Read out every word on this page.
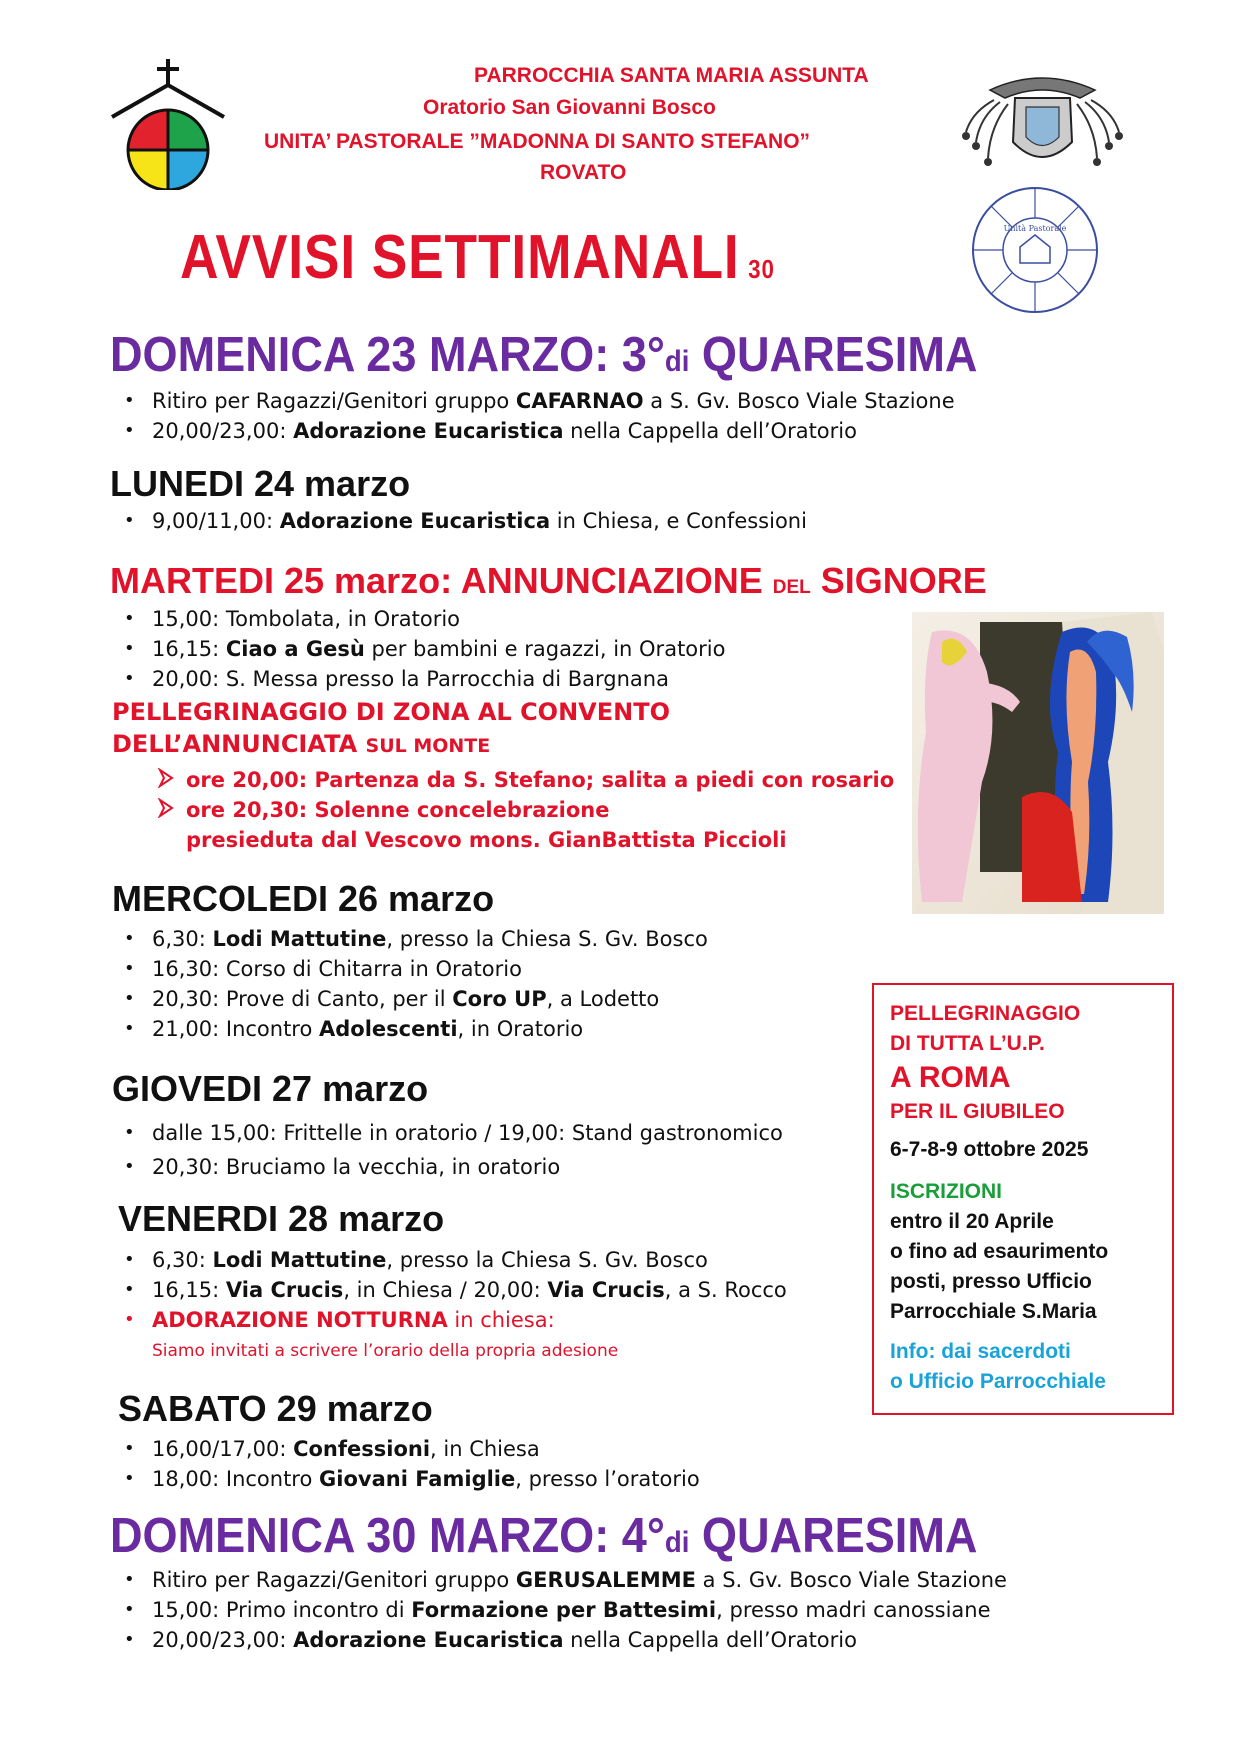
PARROCCHIA SANTA MARIA ASSUNTA
Oratorio San Giovanni Bosco
UNITA’ PASTORALE ”MADONNA DI SANTO STEFANO”
ROVATO
Unità Pastorale
AVVISI SETTIMANALI 30
DOMENICA 23 MARZO: 3°di QUARESIMA
• Ritiro per Ragazzi/Genitori gruppo CAFARNAO a S. Gv. Bosco Viale Stazione
• 20,00/23,00: Adorazione Eucaristica nella Cappella dell’Oratorio
LUNEDI 24 marzo
• 9,00/11,00: Adorazione Eucaristica in Chiesa, e Confessioni
MARTEDI 25 marzo: ANNUNCIAZIONE DEL SIGNORE
• 15,00: Tombolata, in Oratorio
• 16,15: Ciao a Gesù per bambini e ragazzi, in Oratorio
• 20,00: S. Messa presso la Parrocchia di Bargnana
PELLEGRINAGGIO DI ZONA AL CONVENTO
DELL’ANNUNCIATA SUL MONTE
ore 20,00: Partenza da S. Stefano; salita a piedi con rosario
ore 20,30: Solenne concelebrazione
presieduta dal Vescovo mons. GianBattista Piccioli
MERCOLEDI 26 marzo
• 6,30: Lodi Mattutine, presso la Chiesa S. Gv. Bosco
• 16,30: Corso di Chitarra in Oratorio
• 20,30: Prove di Canto, per il Coro UP, a Lodetto
• 21,00: Incontro Adolescenti, in Oratorio
GIOVEDI 27 marzo
• dalle 15,00: Frittelle in oratorio / 19,00: Stand gastronomico
• 20,30: Bruciamo la vecchia, in oratorio
VENERDI 28 marzo
• 6,30: Lodi Mattutine, presso la Chiesa S. Gv. Bosco
• 16,15: Via Crucis, in Chiesa / 20,00: Via Crucis, a S. Rocco
• ADORAZIONE NOTTURNA in chiesa:
Siamo invitati a scrivere l’orario della propria adesione
SABATO 29 marzo
• 16,00/17,00: Confessioni, in Chiesa
• 18,00: Incontro Giovani Famiglie, presso l’oratorio
DOMENICA 30 MARZO: 4°di QUARESIMA
• Ritiro per Ragazzi/Genitori gruppo GERUSALEMME a S. Gv. Bosco Viale Stazione
• 15,00: Primo incontro di Formazione per Battesimi, presso madri canossiane
• 20,00/23,00: Adorazione Eucaristica nella Cappella dell’Oratorio
PELLEGRINAGGIO
DI TUTTA L’U.P.
A ROMA
PER IL GIUBILEO
6-7-8-9 ottobre 2025
ISCRIZIONI
entro il 20 Aprile
o fino ad esaurimento
posti, presso Ufficio
Parrocchiale S.Maria
Info: dai sacerdoti
o Ufficio Parrocchiale
